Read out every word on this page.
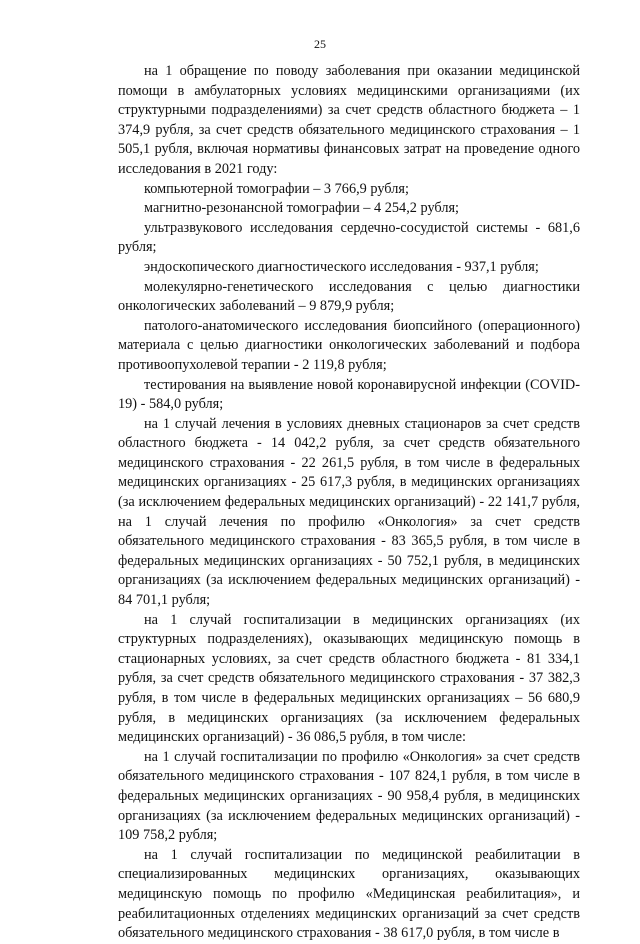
25

на 1 обращение по поводу заболевания при оказании медицинской помощи в амбулаторных условиях медицинскими организациями (их структурными подразделениями) за счет средств областного бюджета – 1 374,9 рубля, за счет средств обязательного медицинского страхования – 1 505,1 рубля, включая нормативы финансовых затрат на проведение одного исследования в 2021 году:

компьютерной томографии – 3 766,9 рубля;

магнитно-резонансной томографии – 4 254,2 рубля;

ультразвукового исследования сердечно-сосудистой системы - 681,6 рубля;

эндоскопического диагностического исследования - 937,1 рубля;

молекулярно-генетического исследования с целью диагностики онкологических заболеваний – 9 879,9 рубля;

патолого-анатомического исследования биопсийного (операционного) материала с целью диагностики онкологических заболеваний и подбора противоопухолевой терапии - 2 119,8 рубля;

тестирования на выявление новой коронавирусной инфекции (COVID-19) - 584,0 рубля;

на 1 случай лечения в условиях дневных стационаров за счет средств областного бюджета - 14 042,2 рубля, за счет средств обязательного медицинского страхования - 22 261,5 рубля, в том числе в федеральных медицинских организациях - 25 617,3 рубля, в медицинских организациях (за исключением федеральных медицинских организаций) - 22 141,7 рубля, на 1 случай лечения по профилю «Онкология» за счет средств обязательного медицинского страхования - 83 365,5 рубля, в том числе в федеральных медицинских организациях - 50 752,1 рубля, в медицинских организациях (за исключением федеральных медицинских организаций) - 84 701,1 рубля;

на 1 случай госпитализации в медицинских организациях (их структурных подразделениях), оказывающих медицинскую помощь в стационарных условиях, за счет средств областного бюджета - 81 334,1 рубля, за счет средств обязательного медицинского страхования - 37 382,3 рубля, в том числе в федеральных медицинских организациях – 56 680,9 рубля, в медицинских организациях (за исключением федеральных медицинских организаций) - 36 086,5 рубля, в том числе:

на 1 случай госпитализации по профилю «Онкология» за счет средств обязательного медицинского страхования - 107 824,1 рубля, в том числе в федеральных медицинских организациях - 90 958,4 рубля, в медицинских организациях (за исключением федеральных медицинских организаций) - 109 758,2 рубля;

на 1 случай госпитализации по медицинской реабилитации в специализированных медицинских организациях, оказывающих медицинскую помощь по профилю «Медицинская реабилитация», и реабилитационных отделениях медицинских организаций за счет средств обязательного медицинского страхования - 38 617,0 рубля, в том числе в
